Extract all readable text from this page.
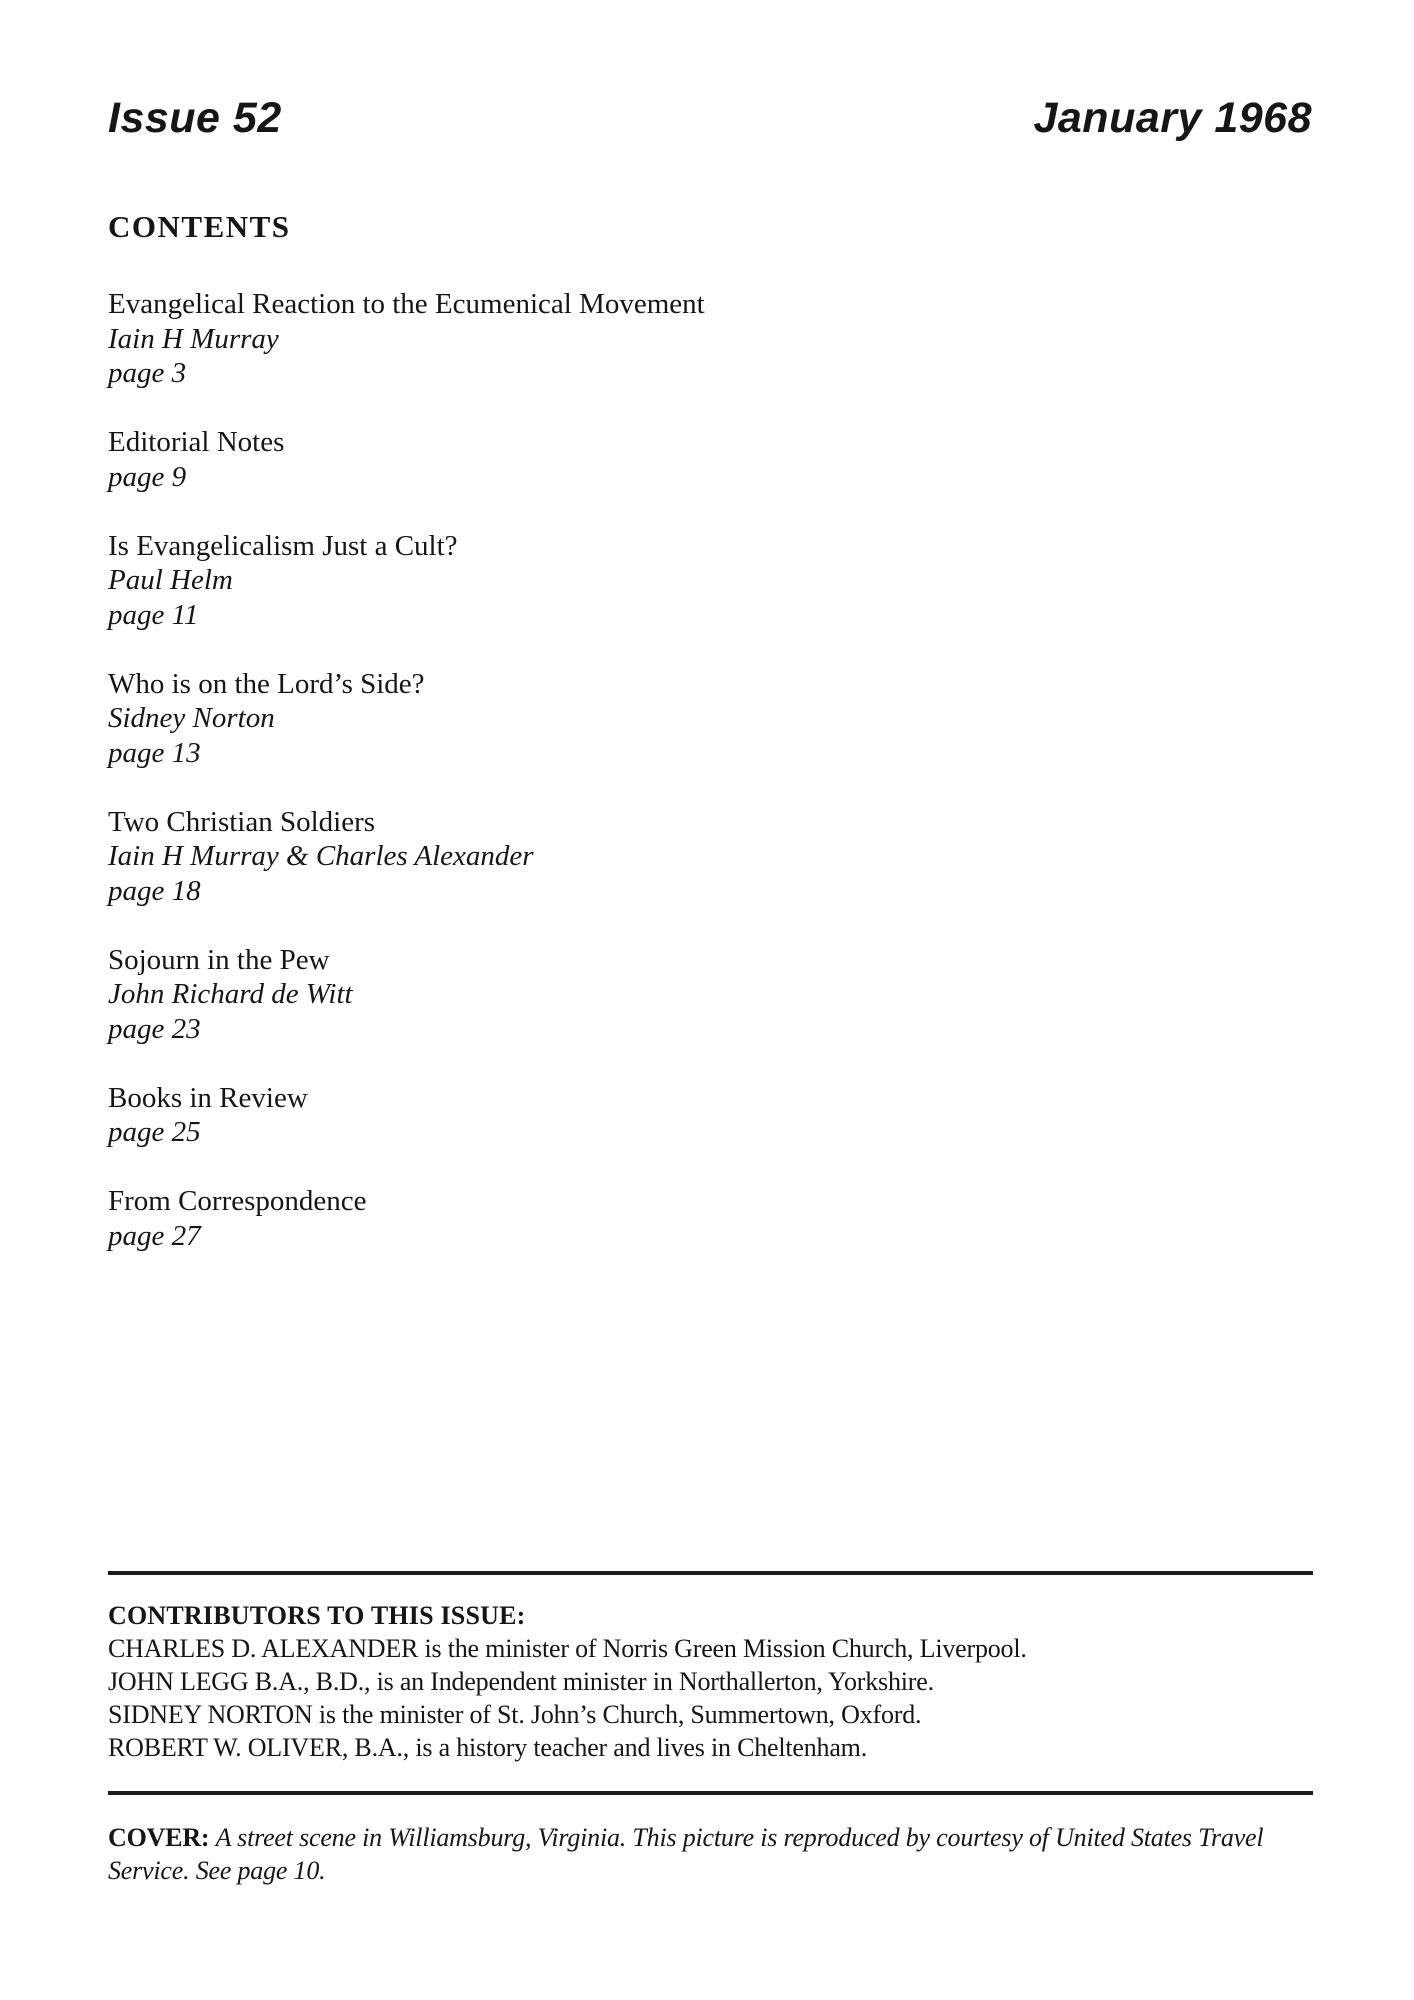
Issue 52	January 1968
CONTENTS
Evangelical Reaction to the Ecumenical Movement
Iain H Murray
page 3
Editorial Notes
page 9
Is Evangelicalism Just a Cult?
Paul Helm
page 11
Who is on the Lord’s Side?
Sidney Norton
page 13
Two Christian Soldiers
Iain H Murray & Charles Alexander
page 18
Sojourn in the Pew
John Richard de Witt
page 23
Books in Review
page 25
From Correspondence
page 27

CONTRIBUTORS TO THIS ISSUE:

CHARLES D. ALEXANDER is the minister of Norris Green Mission Church, Liverpool.
JOHN LEGG B.A., B.D., is an Independent minister in Northallerton, Yorkshire.
SIDNEY NORTON is the minister of St. John’s Church, Summertown, Oxford.
ROBERT W. OLIVER, B.A., is a history teacher and lives in Cheltenham.

COVER: A street scene in Williamsburg, Virginia. This picture is reproduced by courtesy of United States Travel Service. See page 10.
